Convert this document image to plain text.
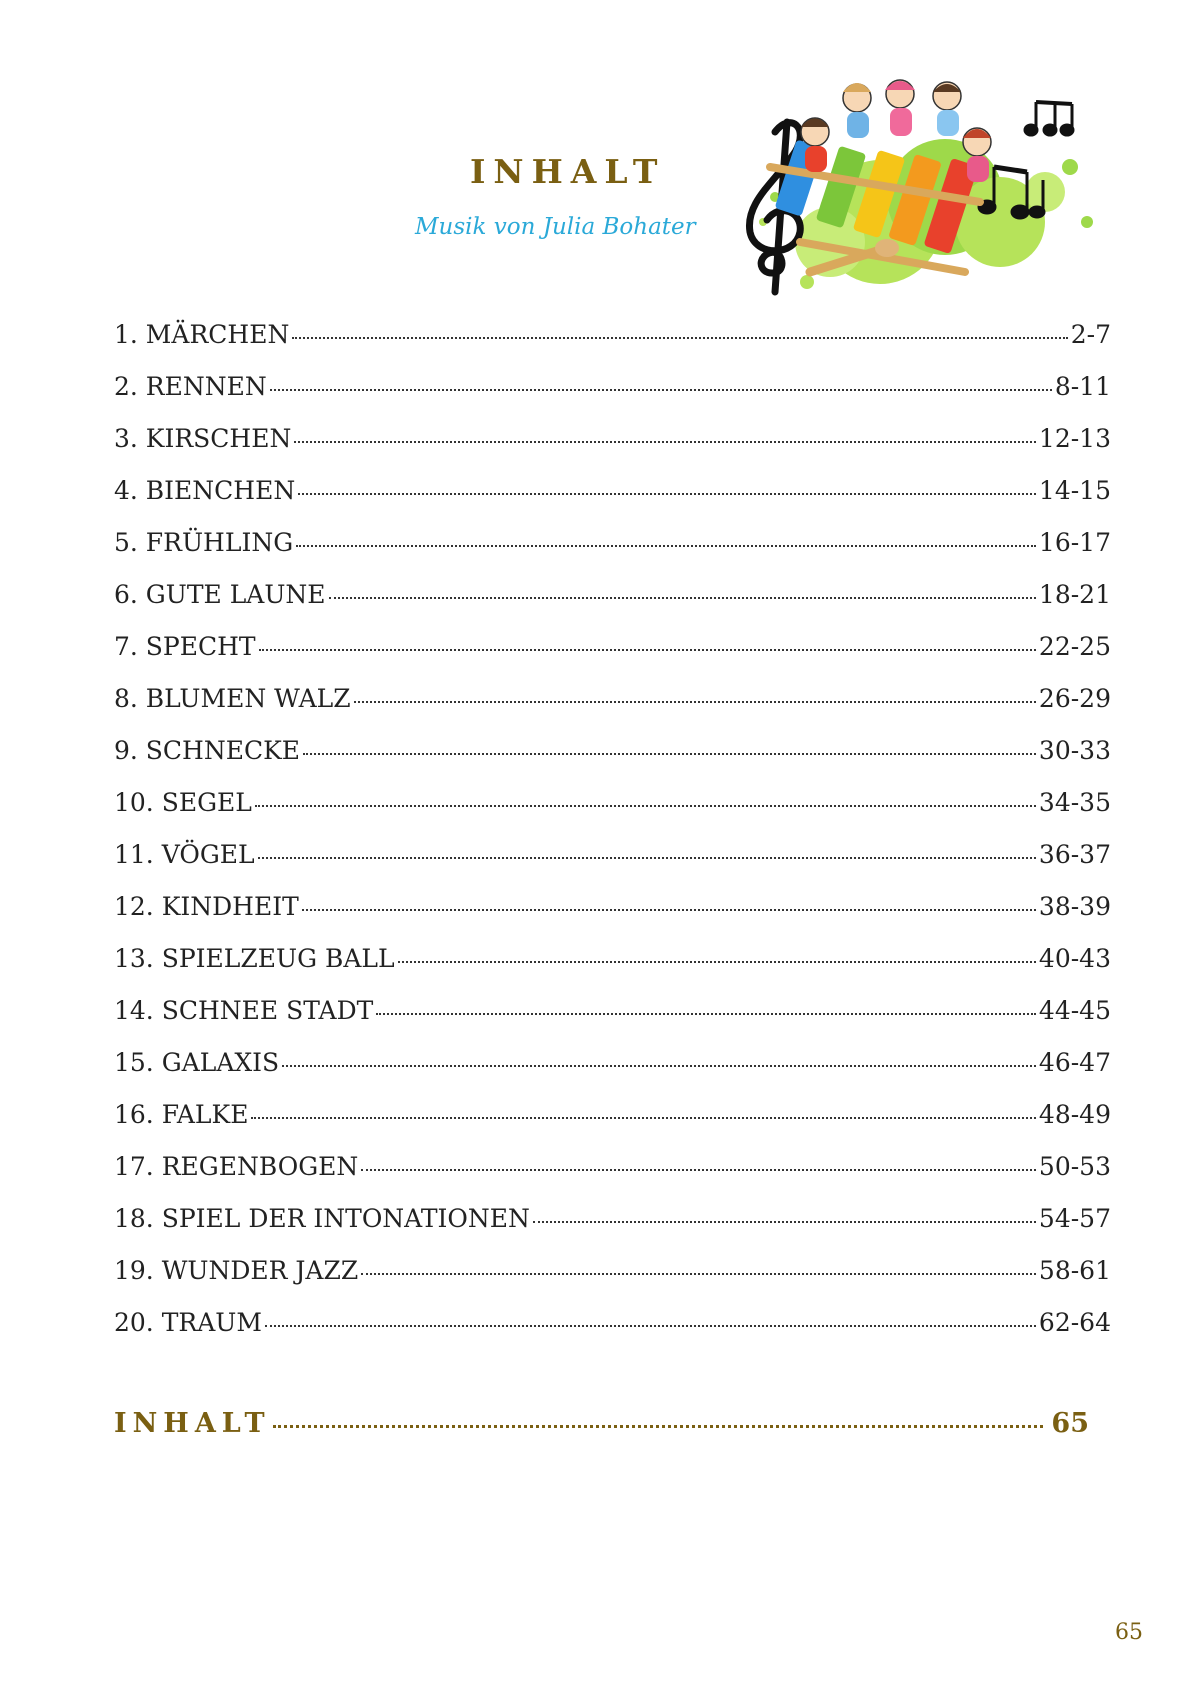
INHALT
Musik von Julia Bohater
1. MÄRCHEN	2-7
2. RENNEN	8-11
3. KIRSCHEN	12-13
4. BIENCHEN	14-15
5. FRÜHLING	16-17
6. GUTE LAUNE	18-21
7. SPECHT	22-25
8. BLUMEN WALZ	26-29
9. SCHNECKE	30-33
10. SEGEL	34-35
11. VÖGEL	36-37
12. KINDHEIT	38-39
13. SPIELZEUG BALL	40-43
14. SCHNEE STADT	44-45
15. GALAXIS	46-47
16. FALKE	48-49
17. REGENBOGEN	50-53
18. SPIEL DER INTONATIONEN	54-57
19. WUNDER JAZZ	58-61
20. TRAUM	62-64
INHALT	65
65
